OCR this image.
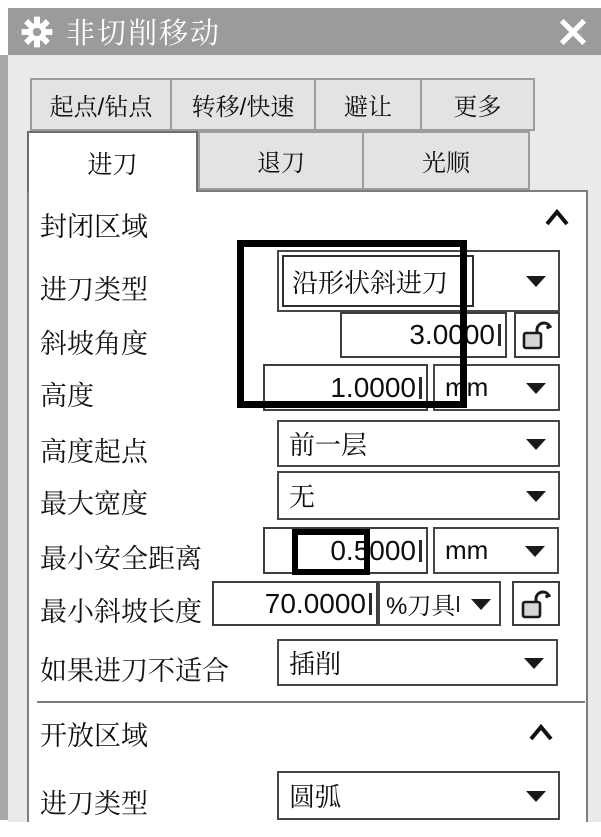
非切削移动
起点/钻点 转移/快速 避让	更多
退刀	光顺
进刀
封闭区域
进刀类型	沿形状斜进刀
斜坡角度	3.0000
高度	1.0000 mm
高度起点	前一层
最大宽度	无
最小安全距离	0.5000 mm
最小斜坡长度 70.0000 %刀具
如果进刀不适合 插削
开放区域
进刀类型	圆弧
